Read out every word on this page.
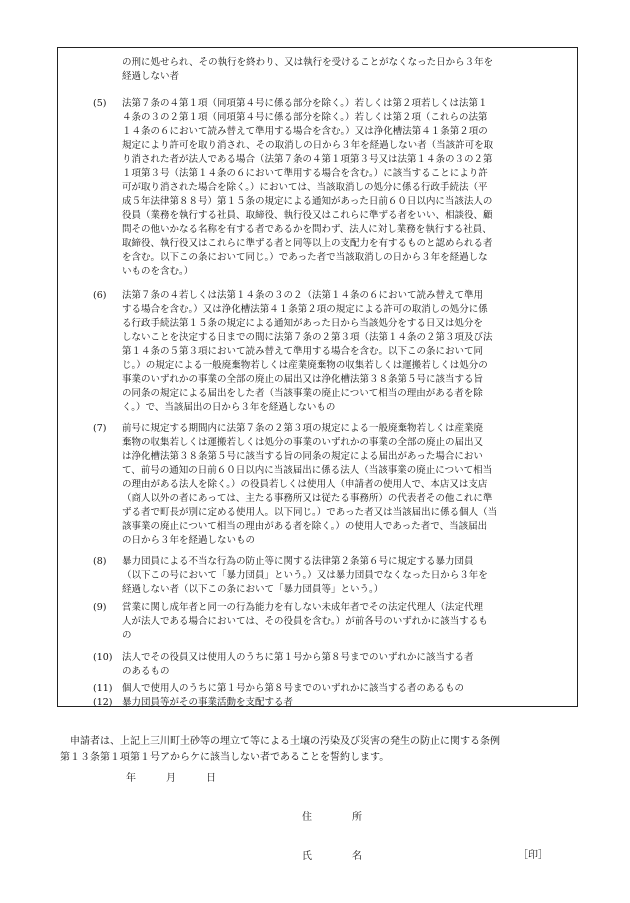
の刑に処せられ、その執行を終わり、又は執行を受けることがなくなった日から３年を
経過しない者

(5)	法第７条の４第１項（同項第４号に係る部分を除く。）若しくは第２項若しくは法第１
４条の３の２第１項（同項第４号に係る部分を除く。）若しくは第２項（これらの法第
１４条の６において読み替えて準用する場合を含む。）又は浄化槽法第４１条第２項の
規定により許可を取り消され、その取消しの日から３年を経過しない者（当該許可を取
り消された者が法人である場合（法第７条の４第１項第３号又は法第１４条の３の２第
１項第３号（法第１４条の６において準用する場合を含む。）に該当することにより許
可が取り消された場合を除く。）においては、当該取消しの処分に係る行政手続法（平
成５年法律第８８号）第１５条の規定による通知があった日前６０日以内に当該法人の
役員（業務を執行する社員、取締役、執行役又はこれらに準ずる者をいい、相談役、顧
問その他いかなる名称を有する者であるかを問わず、法人に対し業務を執行する社員、
取締役、執行役又はこれらに準ずる者と同等以上の支配力を有するものと認められる者
を含む。以下この条において同じ。）であった者で当該取消しの日から３年を経過しな
いものを含む。）

(6)	法第７条の４若しくは法第１４条の３の２（法第１４条の６において読み替えて準用
する場合を含む。）又は浄化槽法第４１条第２項の規定による許可の取消しの処分に係
る行政手続法第１５条の規定による通知があった日から当該処分をする日又は処分を
しないことを決定する日までの間に法第７条の２第３項（法第１４条の２第３項及び法
第１４条の５第３項において読み替えて準用する場合を含む。以下この条において同
じ。）の規定による一般廃棄物若しくは産業廃棄物の収集若しくは運搬若しくは処分の
事業のいずれかの事業の全部の廃止の届出又は浄化槽法第３８条第５号に該当する旨
の同条の規定による届出をした者（当該事業の廃止について相当の理由がある者を除
く。）で、当該届出の日から３年を経過しないもの

(7)	前号に規定する期間内に法第７条の２第３項の規定による一般廃棄物若しくは産業廃
棄物の収集若しくは運搬若しくは処分の事業のいずれかの事業の全部の廃止の届出又
は浄化槽法第３８条第５号に該当する旨の同条の規定による届出があった場合におい
て、前号の通知の日前６０日以内に当該届出に係る法人（当該事業の廃止について相当
の理由がある法人を除く。）の役員若しくは使用人（申請者の使用人で、本店又は支店
（商人以外の者にあっては、主たる事務所又は従たる事務所）の代表者その他これに準
ずる者で町長が別に定める使用人。以下同じ。）であった者又は当該届出に係る個人（当
該事業の廃止について相当の理由がある者を除く。）の使用人であった者で、当該届出
の日から３年を経過しないもの

(8)	暴力団員による不当な行為の防止等に関する法律第２条第６号に規定する暴力団員
（以下この号において「暴力団員」という。）又は暴力団員でなくなった日から３年を
経過しない者（以下この条において「暴力団員等」という。）

(9)	営業に関し成年者と同一の行為能力を有しない未成年者でその法定代理人（法定代理
人が法人である場合においては、その役員を含む。）が前各号のいずれかに該当するも
の

(10) 法人でその役員又は使用人のうちに第１号から第８号までのいずれかに該当する者
のあるもの

(11) 個人で使用人のうちに第１号から第８号までのいずれかに該当する者のあるもの

(12) 暴力団員等がその事業活動を支配する者

　申請者は、上記上三川町土砂等の埋立て等による土壌の汚染及び災害の発生の防止に関する条例
第１３条第１項第１号アからケに該当しない者であることを誓約します。

年	月	日
住	所
氏	名	［印］
